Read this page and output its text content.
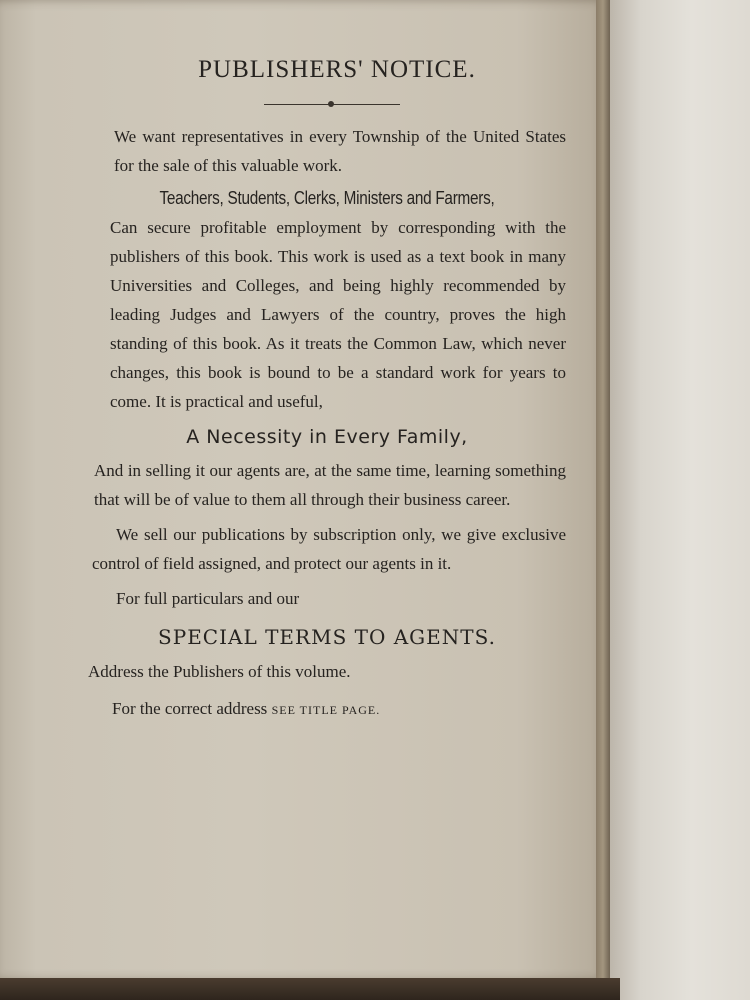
PUBLISHERS' NOTICE.

We want representatives in every Township of the United States for the sale of this valuable work.

Teachers, Students, Clerks, Ministers and Farmers,

Can secure profitable employment by corresponding with the publishers of this book. This work is used as a text book in many Universities and Colleges, and being highly recommended by leading Judges and Lawyers of the country, proves the high standing of this book. As it treats the Common Law, which never changes, this book is bound to be a standard work for years to come. It is practical and useful,

A Necessity in Every Family,

And in selling it our agents are, at the same time, learning something that will be of value to them all through their business career.

We sell our publications by subscription only, we give exclusive control of field assigned, and protect our agents in it.

For full particulars and our

SPECIAL TERMS TO AGENTS.

Address the Publishers of this volume.

For the correct address SEE TITLE PAGE.
